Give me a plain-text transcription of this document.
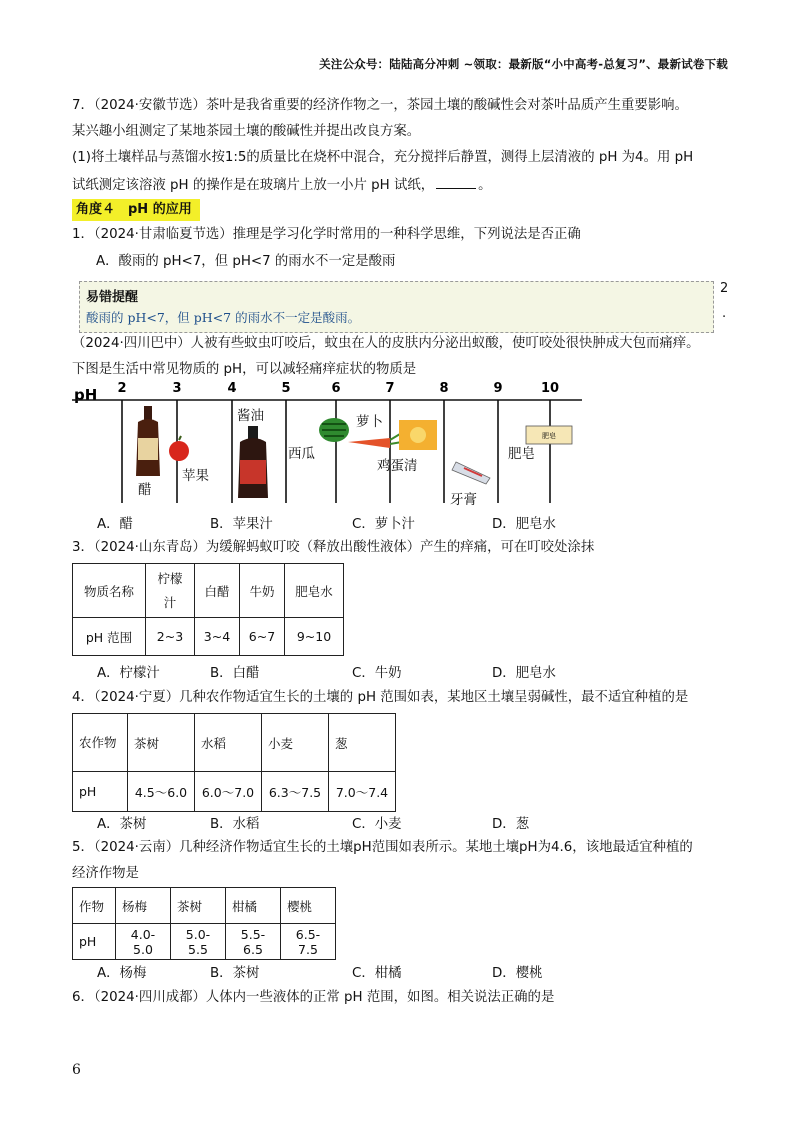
关注公众号：陆陆高分冲刺 ~领取：最新版“小中高考-总复习”、最新试卷下载
7．（2024·安徽节选）茶叶是我省重要的经济作物之一，茶园土壤的酸碱性会对茶叶品质产生重要影响。
某兴趣小组测定了某地茶园土壤的酸碱性并提出改良方案。
(1)将土壤样品与蒸馏水按1:5的质量比在烧杯中混合，充分搅拌后静置，测得上层清液的 pH 为4。用 pH
试纸测定该溶液 pH 的操作是在玻璃片上放一小片 pH 试纸，	。
角度４　pH 的应用
1．（2024·甘肃临夏节选）推理是学习化学时常用的一种科学思维，下列说法是否正确
A．酸雨的 pH<7，但 pH<7 的雨水不一定是酸雨
易错提醒
酸雨的 pH<7，但 pH<7 的雨水不一定是酸雨。
2
.
（2024·四川巴中）人被有些蚊虫叮咬后，蚊虫在人的皮肤内分泌出蚁酸，使叮咬处很快肿成大包而痛痒。
下图是生活中常见物质的 pH，可以减轻痛痒症状的物质是
pH 2	3	4	5	6	7	8	9	10
肥皂
醋
苹果
酱油
西瓜
萝卜
鸡蛋清
牙膏
肥皂
A．醋	B．苹果汁	C．萝卜汁	D．肥皂水
3．（2024·山东青岛）为缓解蚂蚁叮咬（释放出酸性液体）产生的痒痛，可在叮咬处涂抹
物质名称	柠檬汁	白醋	牛奶	肥皂水
pH 范围	2~3	3~4	6~7	9~10
A．柠檬汁	B．白醋	C．牛奶	D．肥皂水
4．（2024·宁夏）几种农作物适宜生长的土壤的 pH 范围如表，某地区土壤呈弱碱性，最不适宜种植的是
农作物	茶树	水稻	小麦	葱
pH	4.5～6.0	6.0～7.0	6.3～7.5	7.0～7.4
A．茶树	B．水稻	C．小麦	D．葱
5．（2024·云南）几种经济作物适宜生长的土壤pH范围如表所示。某地土壤pH为4.6，该地最适宜种植的
经济作物是
作物	杨梅	茶树	柑橘	樱桃
pH	4.0-5.0	5.0-5.5	5.5-6.5	6.5-7.5
A．杨梅	B．茶树	C．柑橘	D．樱桃
6．（2024·四川成都）人体内一些液体的正常 pH 范围，如图。相关说法正确的是
6
